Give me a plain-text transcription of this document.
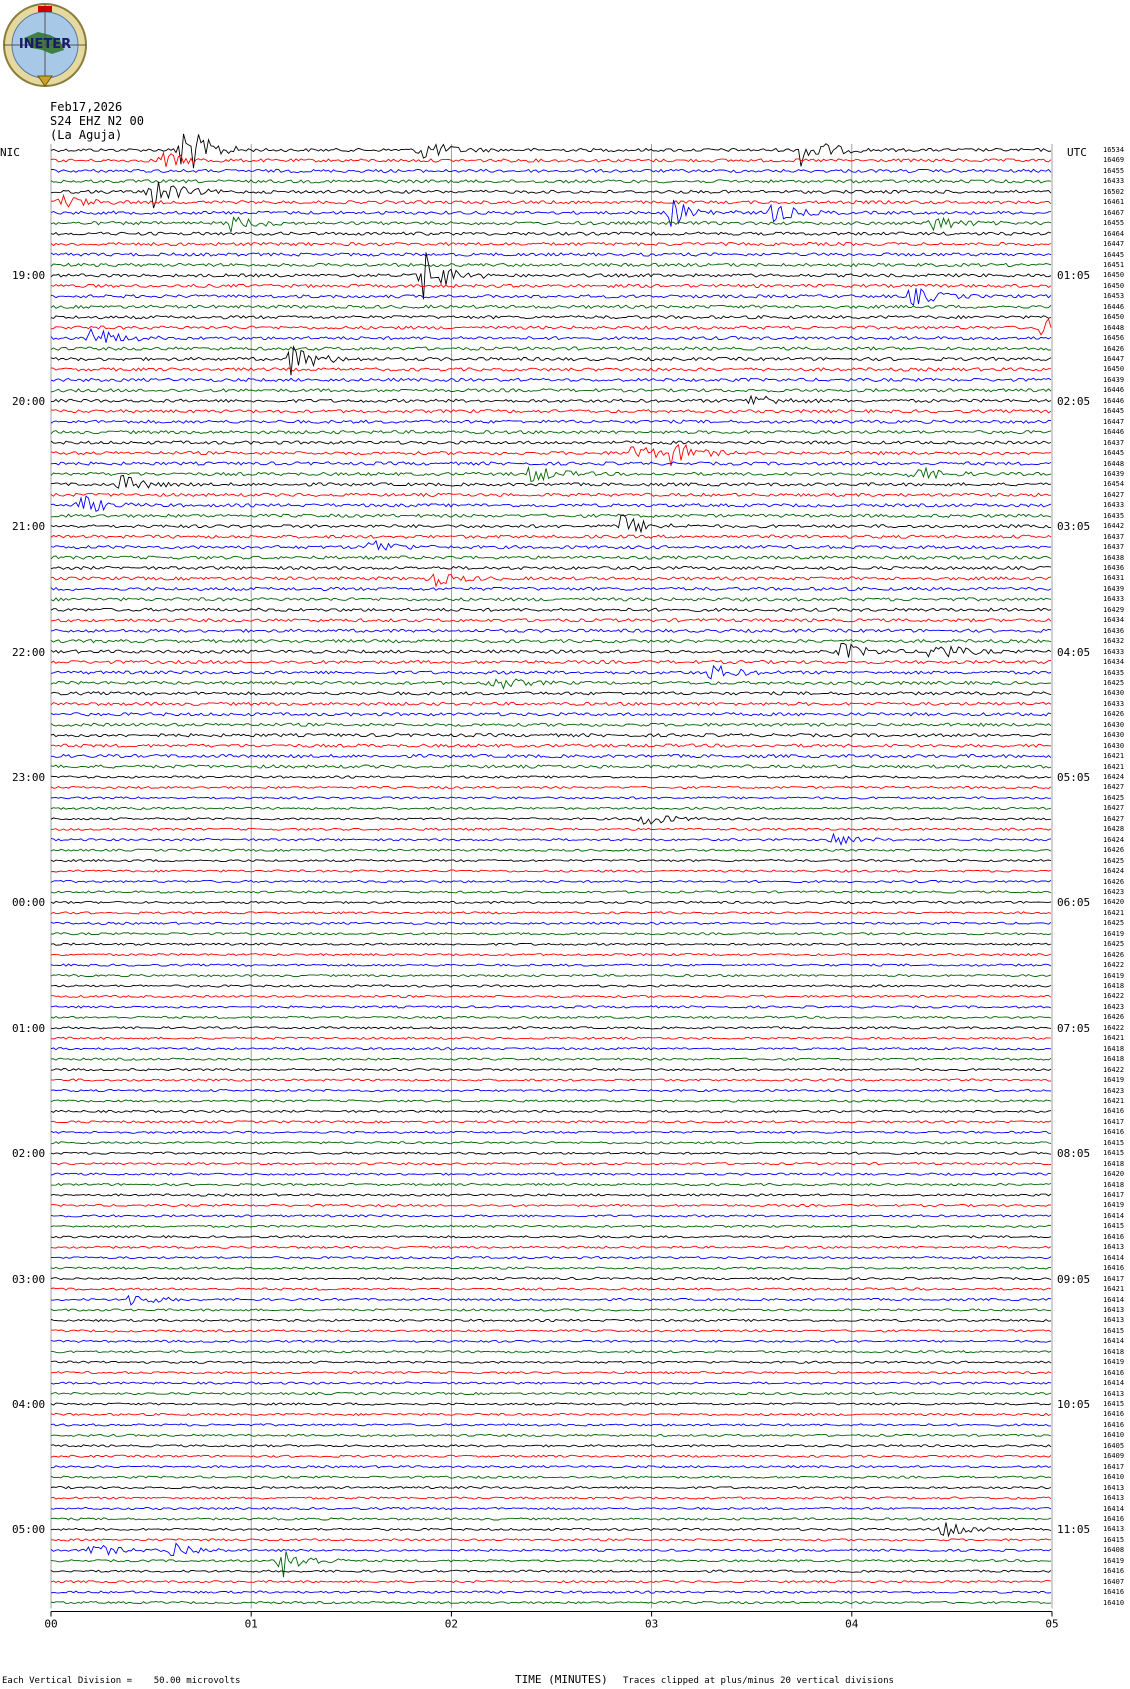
00	01	02	03	04	05
INETER
Feb17,2026
S24 EHZ N2 00
(La Aguja)
NIC	UTC
Each Vertical Division =    50.00 microvolts	TIME (MINUTES) Traces clipped at plus/minus 20 vertical divisions
19:00
20:00
21:00
22:00
23:00
00:00
01:00
02:00
03:00
04:00
05:00
01:05
02:05
03:05
04:05
05:05
06:05
07:05
08:05
09:05
10:05
11:05
16534
16469
16455
16433
16502
16461
16467
16455
16464
16447
16445
16451
16450
16450
16453
16446
16450
16448
16456
16426
16447
16450
16439
16446
16446
16445
16447
16446
16437
16445
16448
16439
16454
16427
16433
16435
16442
16437
16437
16438
16436
16431
16439
16433
16429
16434
16436
16432
16433
16434
16435
16425
16430
16433
16426
16430
16430
16430
16421
16421
16424
16427
16425
16427
16427
16428
16424
16426
16425
16424
16426
16423
16420
16421
16425
16419
16425
16426
16422
16419
16418
16422
16423
16426
16422
16421
16418
16418
16422
16419
16423
16421
16416
16417
16416
16415
16415
16418
16420
16418
16417
16419
16414
16415
16416
16413
16414
16416
16417
16421
16414
16413
16413
16415
16414
16418
16419
16416
16414
16413
16415
16416
16416
16410
16405
16409
16417
16410
16413
16413
16414
16416
16413
16415
16408
16419
16416
16407
16416
16410
